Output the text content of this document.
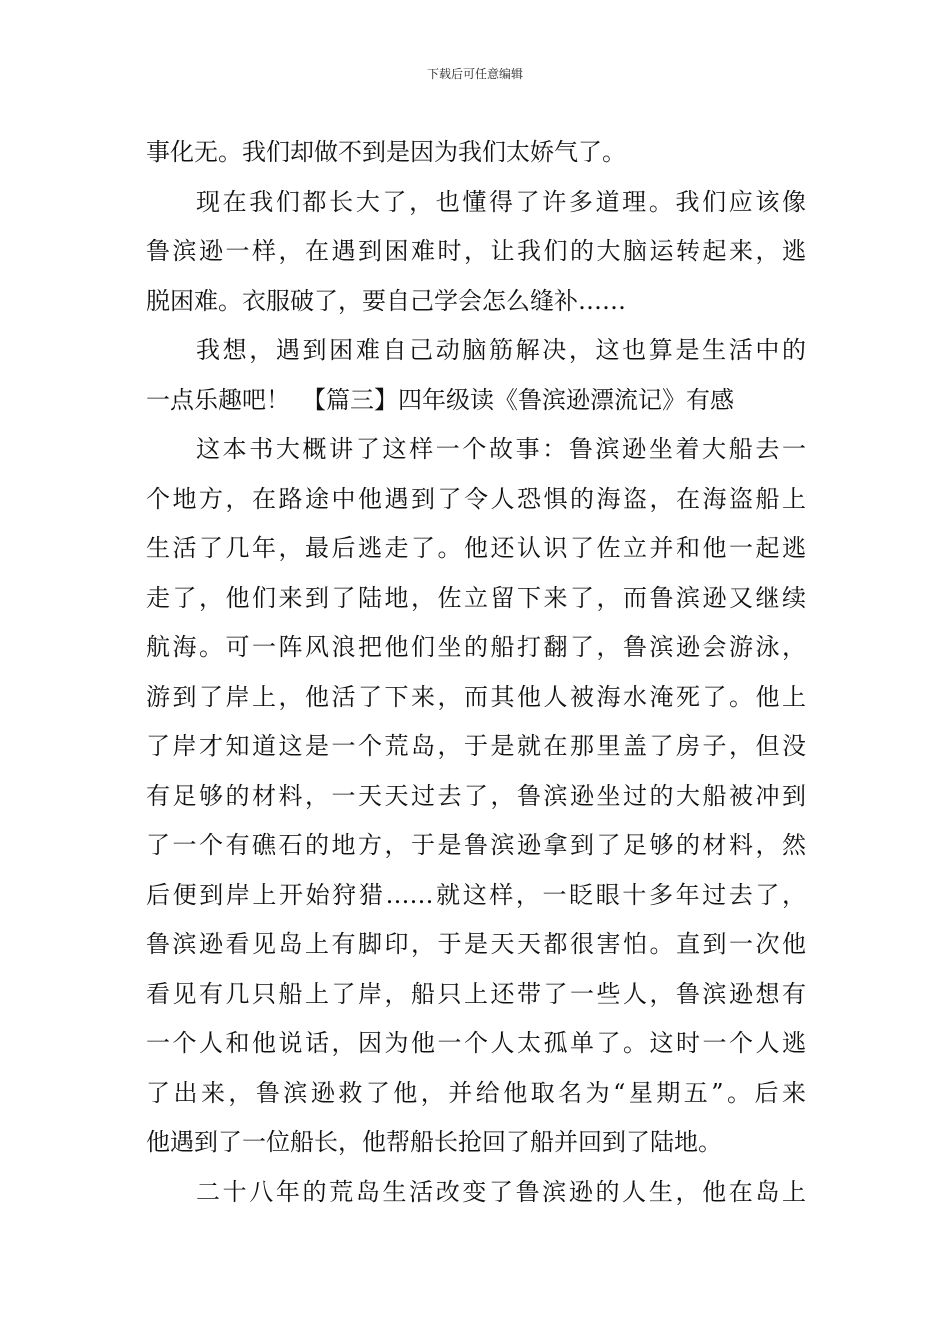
下载后可任意编辑
事化无。我们却做不到是因为我们太娇气了。
现在我们都长大了，也懂得了许多道理。我们应该像
鲁滨逊一样，在遇到困难时，让我们的大脑运转起来，逃
脱困难。衣服破了，要自己学会怎么缝补……
我想，遇到困难自己动脑筋解决，这也算是生活中的
一点乐趣吧！　【篇三】四年级读《鲁滨逊漂流记》有感
这本书大概讲了这样一个故事：鲁滨逊坐着大船去一
个地方，在路途中他遇到了令人恐惧的海盗，在海盗船上
生活了几年，最后逃走了。他还认识了佐立并和他一起逃
走了，他们来到了陆地，佐立留下来了，而鲁滨逊又继续
航海。可一阵风浪把他们坐的船打翻了，鲁滨逊会游泳，
游到了岸上，他活了下来，而其他人被海水淹死了。他上
了岸才知道这是一个荒岛，于是就在那里盖了房子，但没
有足够的材料，一天天过去了，鲁滨逊坐过的大船被冲到
了一个有礁石的地方，于是鲁滨逊拿到了足够的材料，然
后便到岸上开始狩猎……就这样，一眨眼十多年过去了，
鲁滨逊看见岛上有脚印，于是天天都很害怕。直到一次他
看见有几只船上了岸，船只上还带了一些人，鲁滨逊想有
一个人和他说话，因为他一个人太孤单了。这时一个人逃
了出来，鲁滨逊救了他，并给他取名为“星期五”。后来
他遇到了一位船长，他帮船长抢回了船并回到了陆地。
二十八年的荒岛生活改变了鲁滨逊的人生，他在岛上
